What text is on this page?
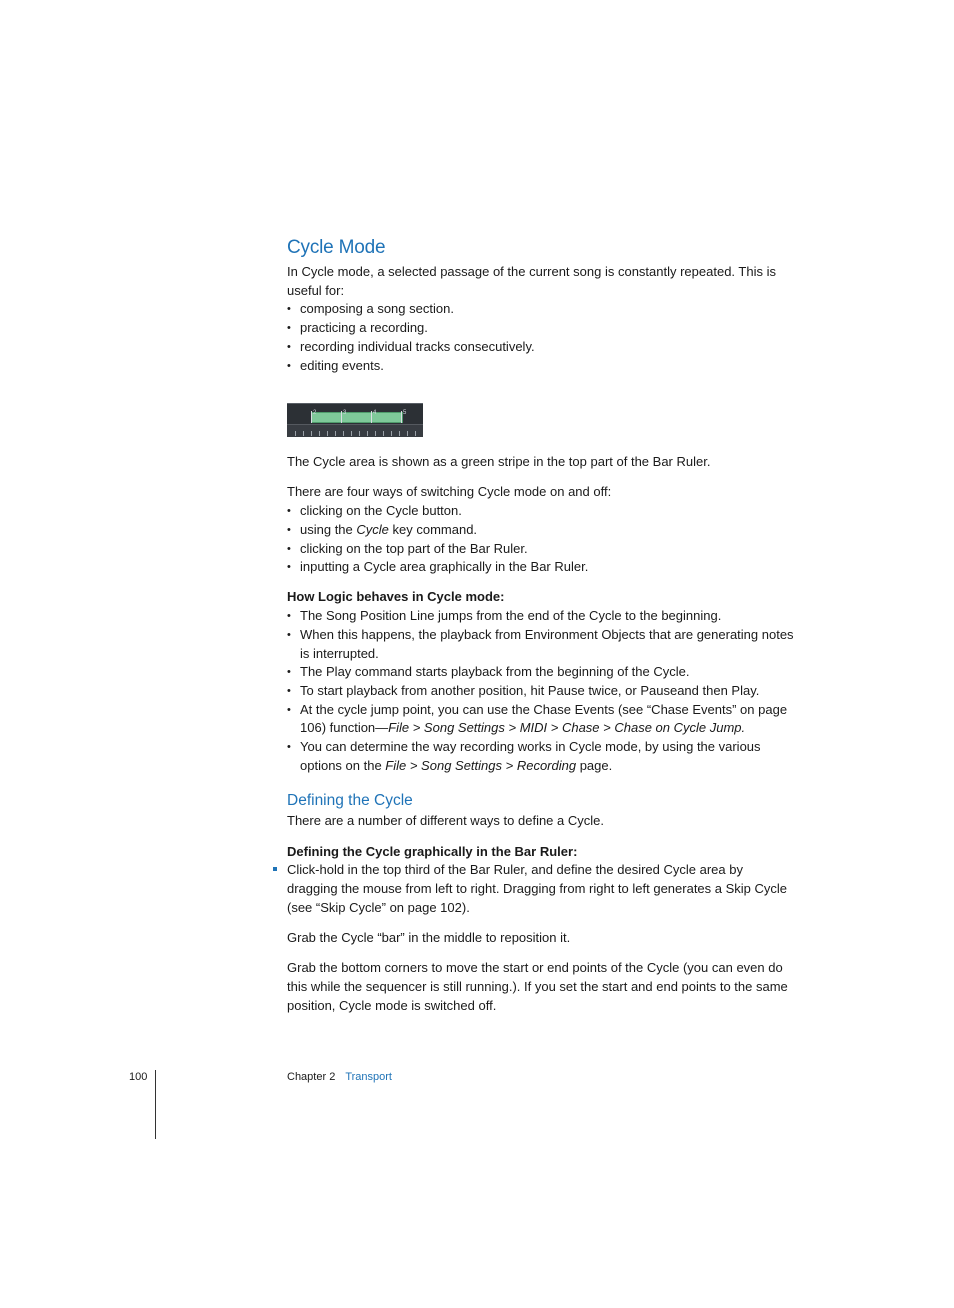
Cycle Mode

In Cycle mode, a selected passage of the current song is constantly repeated. This is useful for:

• composing a song section.
• practicing a recording.
• recording individual tracks consecutively.
• editing events.
2	3	4	5

The Cycle area is shown as a green stripe in the top part of the Bar Ruler.

There are four ways of switching Cycle mode on and off:

• clicking on the Cycle button.
• using the Cycle key command.
• clicking on the top part of the Bar Ruler.
• inputting a Cycle area graphically in the Bar Ruler.

How Logic behaves in Cycle mode:

• The Song Position Line jumps from the end of the Cycle to the beginning.
• When this happens, the playback from Environment Objects that are generating notes is interrupted.
• The Play command starts playback from the beginning of the Cycle.
• To start playback from another position, hit Pause twice, or Pauseand then Play.
• At the cycle jump point, you can use the Chase Events (see “Chase Events” on page 106) function—File > Song Settings > MIDI > Chase > Chase on Cycle Jump.
• You can determine the way recording works in Cycle mode, by using the various options on the File > Song Settings > Recording page.
Defining the Cycle

There are a number of different ways to define a Cycle.

Defining the Cycle graphically in the Bar Ruler:

Click-hold in the top third of the Bar Ruler, and define the desired Cycle area by dragging the mouse from left to right. Dragging from right to left generates a Skip Cycle (see “Skip Cycle” on page 102).

Grab the Cycle “bar” in the middle to reposition it.

Grab the bottom corners to move the start or end points of the Cycle (you can even do this while the sequencer is still running.). If you set the start and end points to the same position, Cycle mode is switched off.

100	Chapter 2 Transport
